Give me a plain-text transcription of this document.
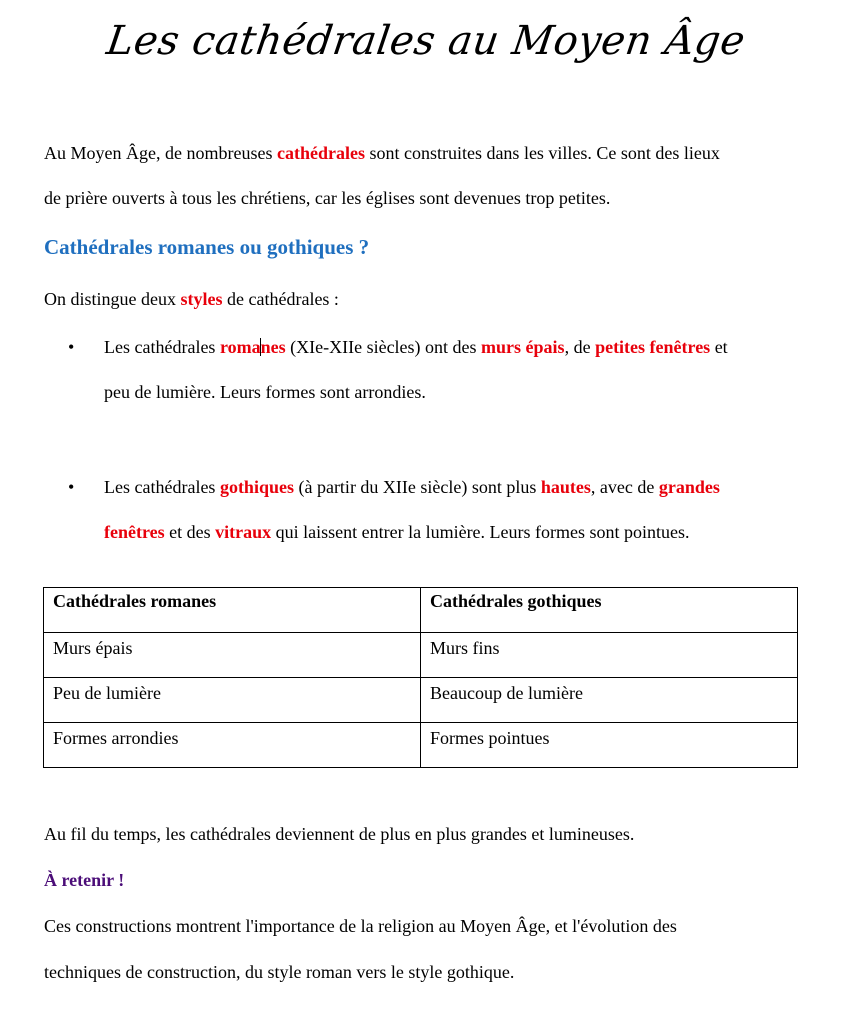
Les cathédrales au Moyen Âge
Au Moyen Âge, de nombreuses cathédrales sont construites dans les villes. Ce sont des lieux
de prière ouverts à tous les chrétiens, car les églises sont devenues trop petites.
Cathédrales romanes ou gothiques ?
On distingue deux styles de cathédrales :
• Les cathédrales romanes (XIe-XIIe siècles) ont des murs épais, de petites fenêtres et
peu de lumière. Leurs formes sont arrondies.
• Les cathédrales gothiques (à partir du XIIe siècle) sont plus hautes, avec de grandes
fenêtres et des vitraux qui laissent entrer la lumière. Leurs formes sont pointues.
Cathédrales romanes	Cathédrales gothiques
Murs épais	Murs fins
Peu de lumière	Beaucoup de lumière
Formes arrondies	Formes pointues
Au fil du temps, les cathédrales deviennent de plus en plus grandes et lumineuses.
À retenir !
Ces constructions montrent l'importance de la religion au Moyen Âge, et l'évolution des
techniques de construction, du style roman vers le style gothique.
